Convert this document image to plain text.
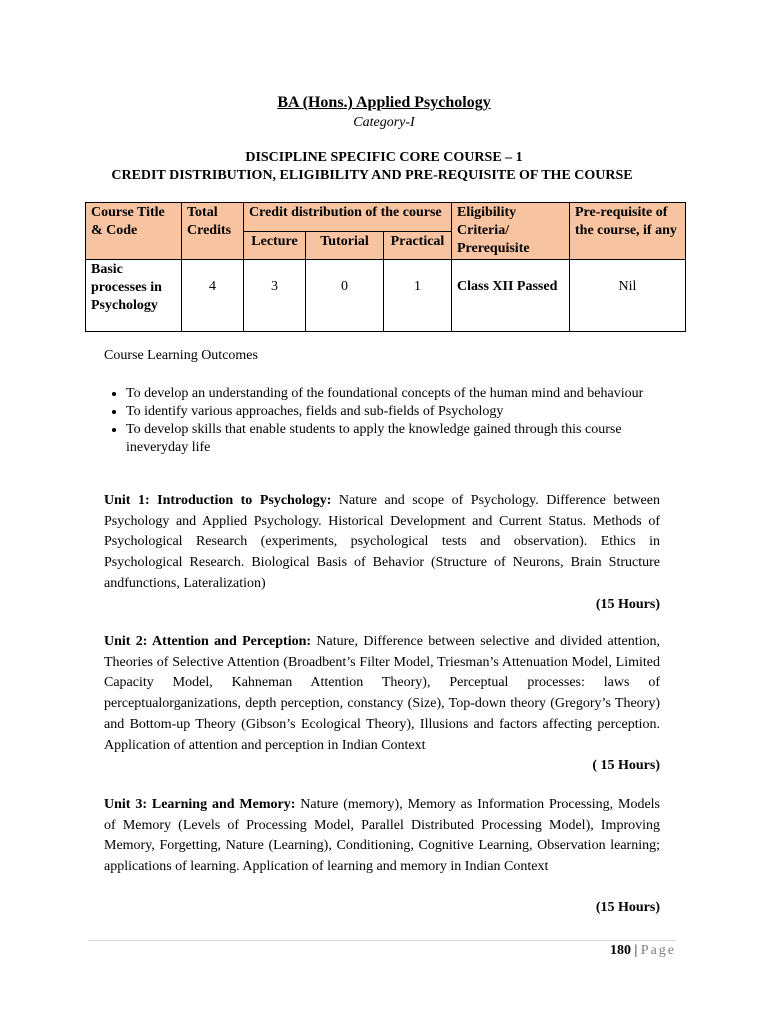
BA (Hons.) Applied Psychology
Category-I
DISCIPLINE SPECIFIC CORE COURSE – 1
CREDIT DISTRIBUTION, ELIGIBILITY AND PRE-REQUISITE OF THE COURSE
Course Title & Code	Total Credits	Credit distribution of the course			Eligibility Criteria/ Prerequisite	Pre-requisite of the course, if any
		Lecture	Tutorial	Practical		
Basic processes in Psychology	4	3	0	1	Class XII Passed	Nil
Course Learning Outcomes
• To develop an understanding of the foundational concepts of the human mind and behaviour
• To identify various approaches, fields and sub-fields of Psychology
• To develop skills that enable students to apply the knowledge gained through this course ineveryday life
Unit 1: Introduction to Psychology: Nature and scope of Psychology. Difference between Psychology and Applied Psychology. Historical Development and Current Status. Methods of Psychological Research (experiments, psychological tests and observation). Ethics in Psychological Research. Biological Basis of Behavior (Structure of Neurons, Brain Structure andfunctions, Lateralization)
(15 Hours)
Unit 2: Attention and Perception: Nature, Difference between selective and divided attention, Theories of Selective Attention (Broadbent’s Filter Model, Triesman’s Attenuation Model, Limited Capacity Model, Kahneman Attention Theory), Perceptual processes: laws of perceptualorganizations, depth perception, constancy (Size), Top-down theory (Gregory’s Theory) and Bottom-up Theory (Gibson’s Ecological Theory), Illusions and factors affecting perception. Application of attention and perception in Indian Context
( 15 Hours)
Unit 3: Learning and Memory: Nature (memory), Memory as Information Processing, Models of Memory (Levels of Processing Model, Parallel Distributed Processing Model), Improving Memory, Forgetting, Nature (Learning), Conditioning, Cognitive Learning, Observation learning; applications of learning. Application of learning and memory in Indian Context
(15 Hours)
180 | Page
